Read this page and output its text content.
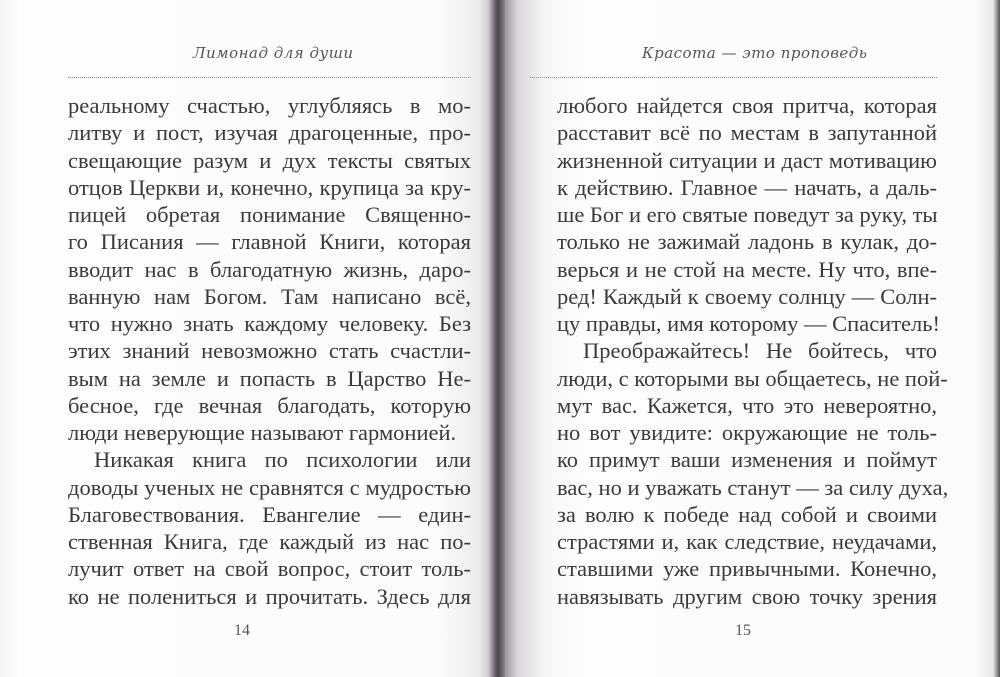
Лимонад для души
реальному счастью, углубляясь в мо-
литву и пост, изучая драгоценные, про-
свещающие разум и дух тексты святых
отцов Церкви и, конечно, крупица за кру-
пицей обретая понимание Священно-
го Писания — главной Книги, которая
вводит нас в благодатную жизнь, даро-
ванную нам Богом. Там написано всё,
что нужно знать каждому человеку. Без
этих знаний невозможно стать счастли-
вым на земле и попасть в Царство Не-
бесное, где вечная благодать, которую
люди неверующие называют гармонией.
Никакая книга по психологии или
доводы ученых не сравнятся с мудростью
Благовествования. Евангелие — един-
ственная Книга, где каждый из нас по-
лучит ответ на свой вопрос, стоит толь-
ко не полениться и прочитать. Здесь для
14
Красота — это проповедь
любого найдется своя притча, которая
расставит всё по местам в запутанной
жизненной ситуации и даст мотивацию
к действию. Главное — начать, а даль-
ше Бог и его святые поведут за руку, ты
только не зажимай ладонь в кулак, до-
верься и не стой на месте. Ну что, впе-
ред! Каждый к своему солнцу — Солн-
цу правды, имя которому — Спаситель!
Преображайтесь! Не бойтесь, что
люди, с которыми вы общаетесь, не пой-
мут вас. Кажется, что это невероятно,
но вот увидите: окружающие не толь-
ко примут ваши изменения и поймут
вас, но и уважать станут — за силу духа,
за волю к победе над собой и своими
страстями и, как следствие, неудачами,
ставшими уже привычными. Конечно,
навязывать другим свою точку зрения
15
